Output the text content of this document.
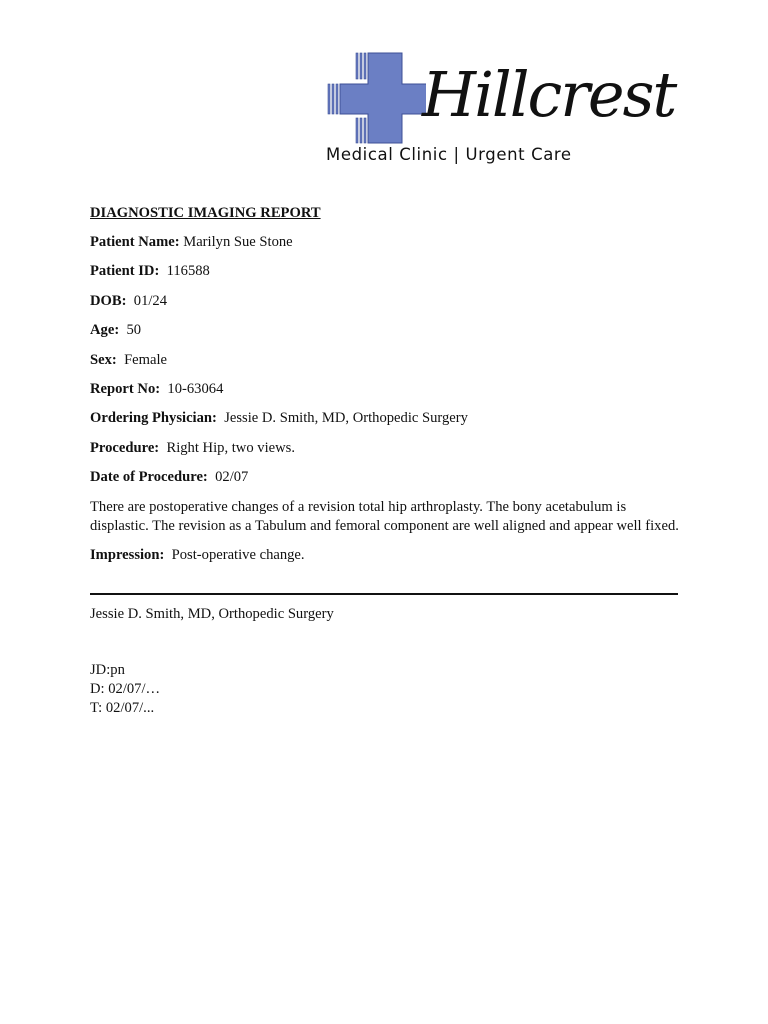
Hillcrest
Medical Clinic | Urgent Care
DIAGNOSTIC IMAGING REPORT
Patient Name: Marilyn Sue Stone
Patient ID: 116588
DOB: 01/24
Age: 50
Sex: Female
Report No: 10-63064
Ordering Physician: Jessie D. Smith, MD, Orthopedic Surgery
Procedure: Right Hip, two views.
Date of Procedure: 02/07
There are postoperative changes of a revision total hip arthroplasty. The bony acetabulum is displastic. The revision as a Tabulum and femoral component are well aligned and appear well fixed.
Impression: Post-operative change.
Jessie D. Smith, MD, Orthopedic Surgery
JD:pn
D: 02/07/…
T: 02/07/...
